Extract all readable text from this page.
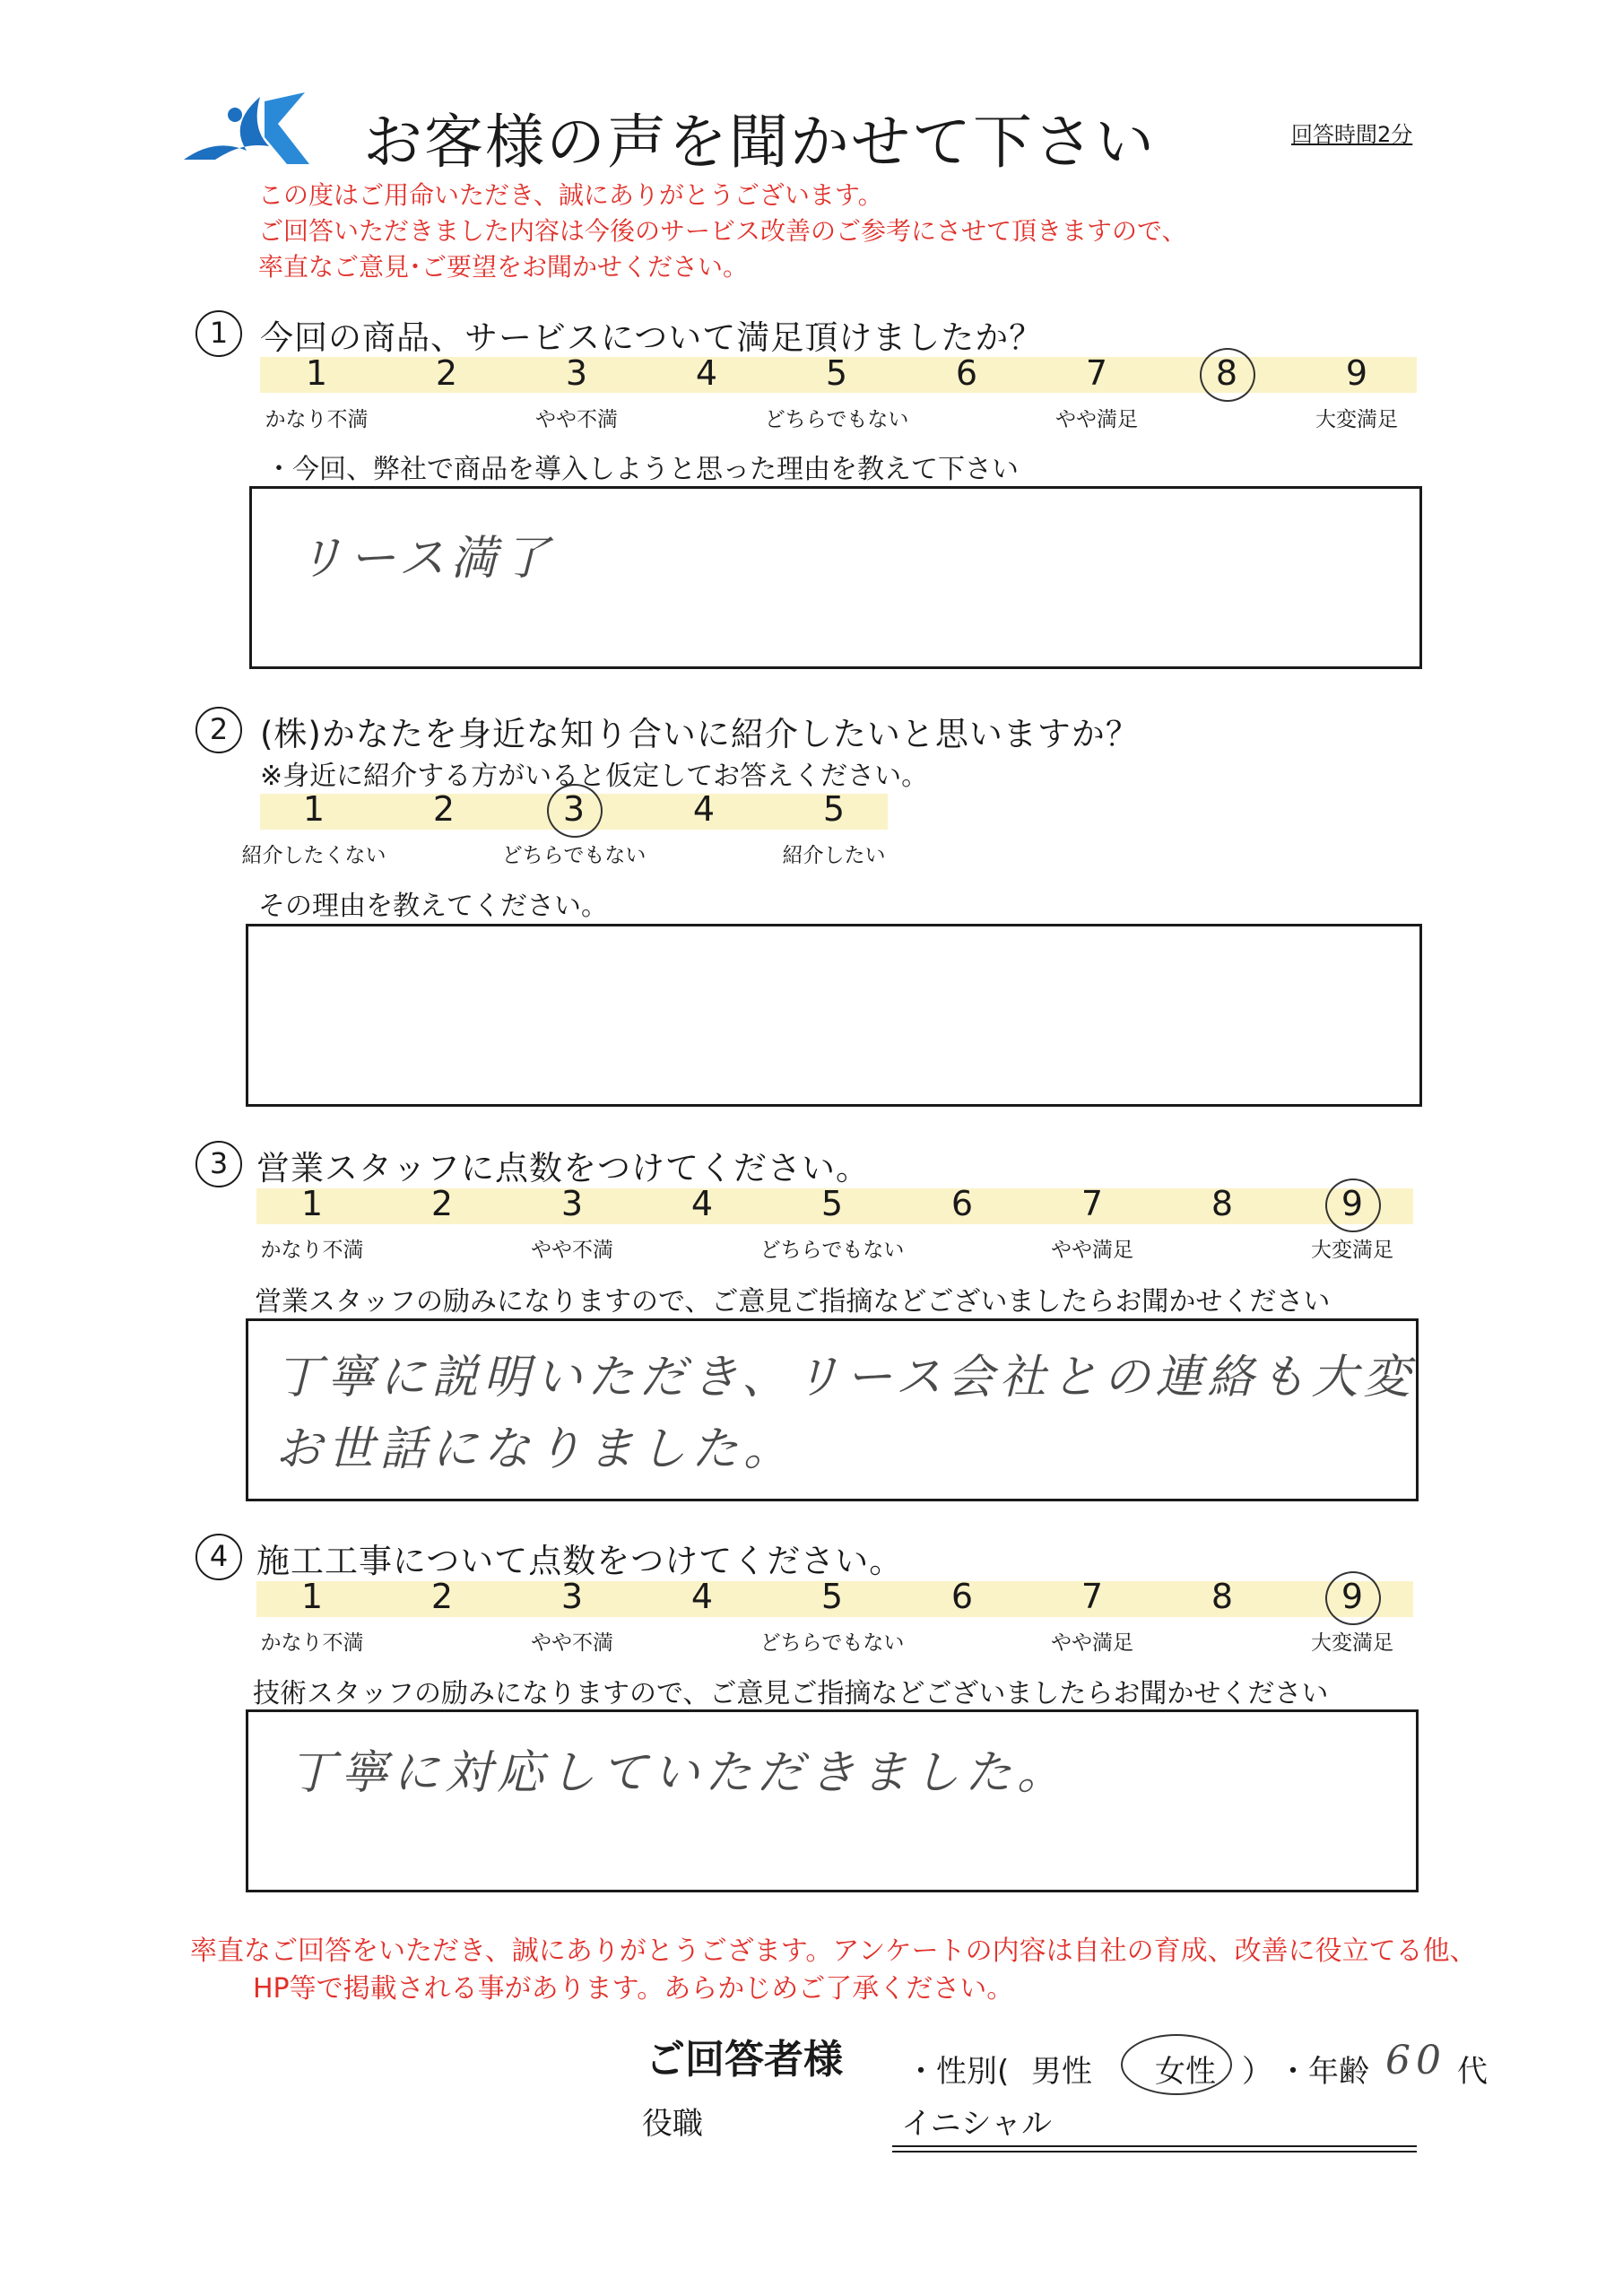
お客様の声を聞かせて下さい	回答時間2分
この度はご用命いただき、誠にありがとうございます。
ご回答いただきました内容は今後のサービス改善のご参考にさせて頂きますので、
率直なご意見･ご要望をお聞かせください。
1 今回の商品、サービスについて満足頂けましたか？
1	2	3	4	5	6	7	8	9
かなり不満	やや不満	どちらでもない	やや満足	大変満足
・今回、弊社で商品を導入しようと思った理由を教えて下さい
リース満了
2 (株)かなたを身近な知り合いに紹介したいと思いますか？
※身近に紹介する方がいると仮定してお答えください。
1	2	3	4	5
紹介したくない	どちらでもない	紹介したい
その理由を教えてください。
3 営業スタッフに点数をつけてください。
1	2	3	4	5	6	7	8	9
かなり不満	やや不満	どちらでもない	やや満足	大変満足
営業スタッフの励みになりますので、ご意見ご指摘などございましたらお聞かせください
丁寧に説明いただき、リース会社との連絡も大変
お世話になりました。
4 施工工事について点数をつけてください。
1	2	3	4	5	6	7	8	9
かなり不満	やや不満	どちらでもない	やや満足	大変満足
技術スタッフの励みになりますので、ご意見ご指摘などございましたらお聞かせください
丁寧に対応していただきました。
率直なご回答をいただき、誠にありがとうござます。アンケートの内容は自社の育成、改善に役立てる他、
HP等で掲載される事があります。あらかじめご了承ください。
ご回答者様 ・性別( 男性 女性 ） ・年齢 60 代
役職	イニシャル
